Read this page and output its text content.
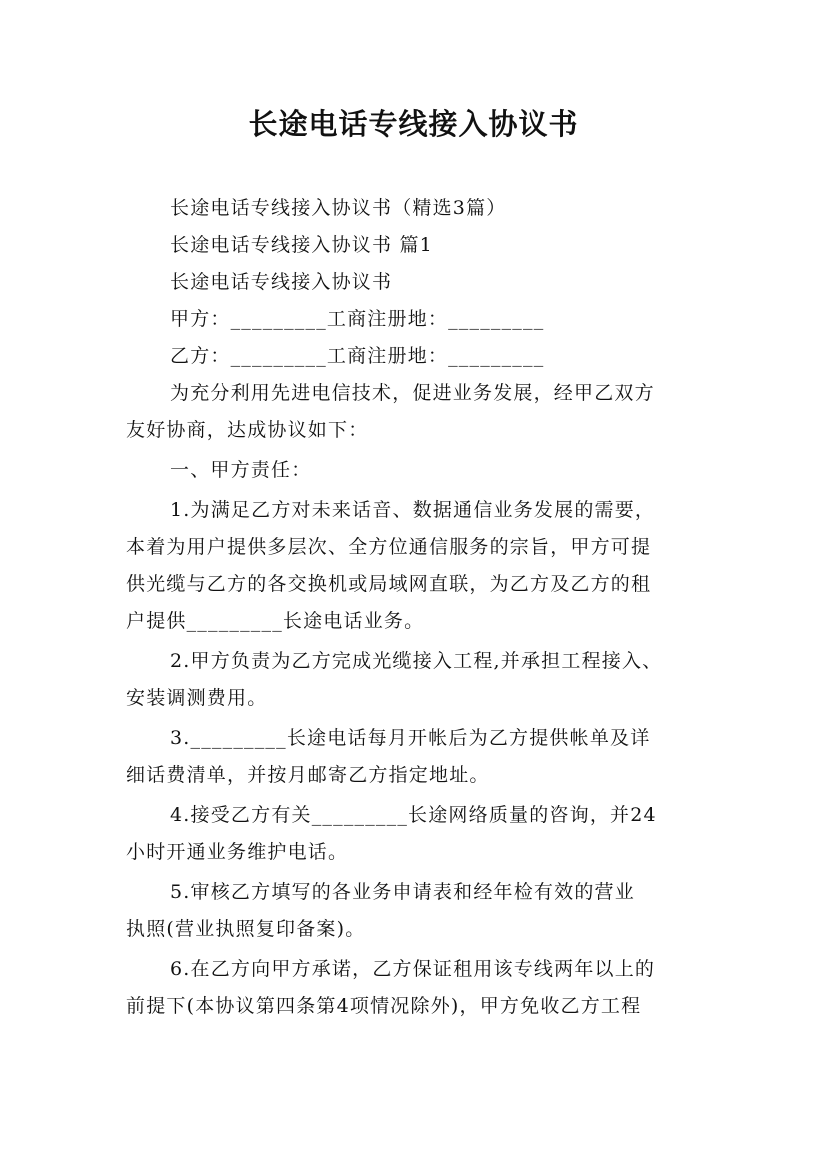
长途电话专线接入协议书
长途电话专线接入协议书（精选3篇）
长途电话专线接入协议书 篇1
长途电话专线接入协议书
甲方：_________工商注册地：_________
乙方：_________工商注册地：_________
为充分利用先进电信技术，促进业务发展，经甲乙双方
友好协商，达成协议如下：
一、甲方责任：
1.为满足乙方对未来话音、数据通信业务发展的需要，
本着为用户提供多层次、全方位通信服务的宗旨，甲方可提
供光缆与乙方的各交换机或局域网直联，为乙方及乙方的租
户提供_________长途电话业务。
2.甲方负责为乙方完成光缆接入工程,并承担工程接入、
安装调测费用。
3._________长途电话每月开帐后为乙方提供帐单及详
细话费清单，并按月邮寄乙方指定地址。
4.接受乙方有关_________长途网络质量的咨询，并24
小时开通业务维护电话。
5.审核乙方填写的各业务申请表和经年检有效的营业
执照(营业执照复印备案)。
6.在乙方向甲方承诺，乙方保证租用该专线两年以上的
前提下(本协议第四条第4项情况除外)，甲方免收乙方工程
